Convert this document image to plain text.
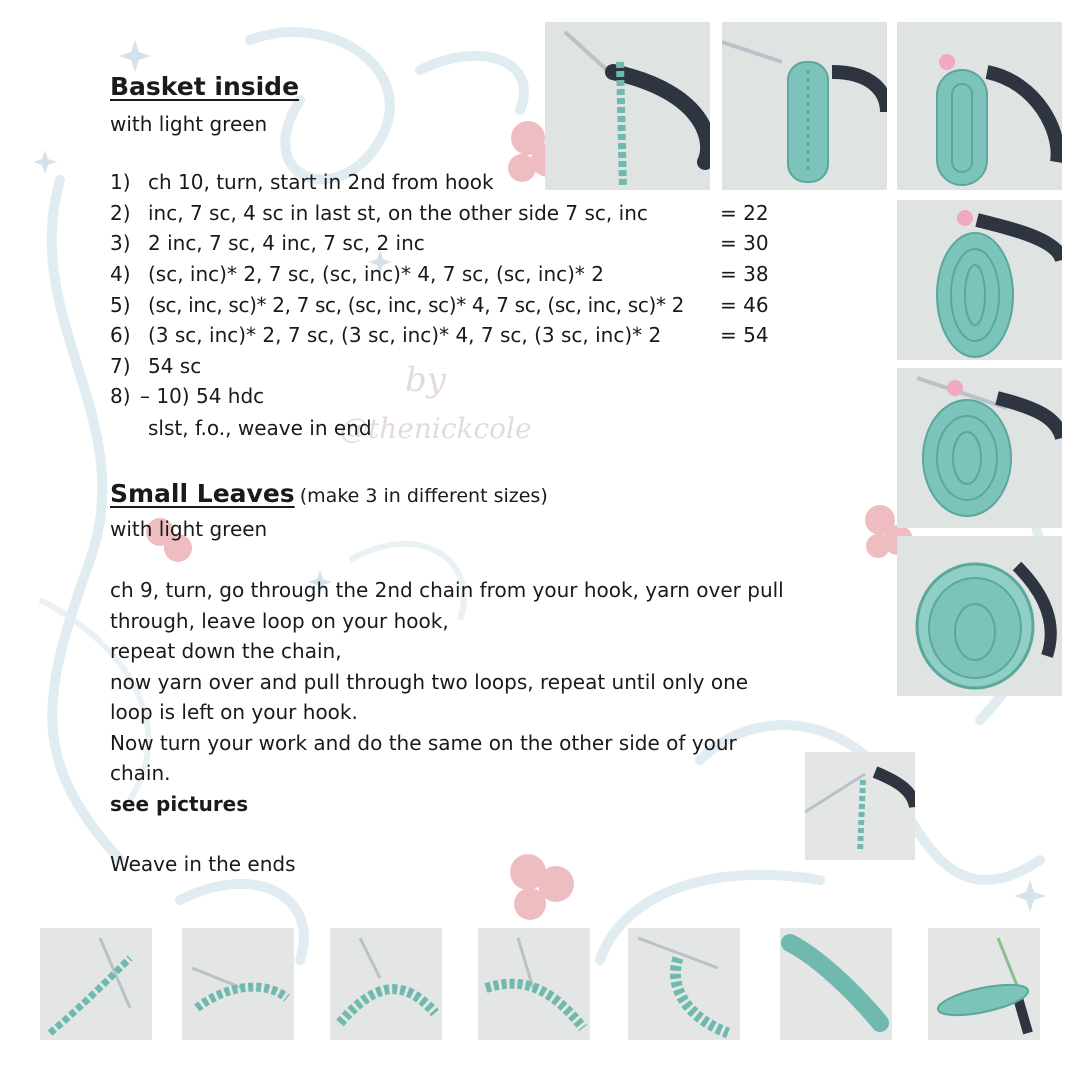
by
@thenickcole
Basket inside
with light green
1) ch 10, turn, start in 2nd from hook
2) inc, 7 sc, 4 sc in last st, on the other side 7 sc, inc	= 22
3) 2 inc, 7 sc, 4 inc, 7 sc, 2 inc	= 30
4) (sc, inc)* 2, 7 sc, (sc, inc)* 4, 7 sc, (sc, inc)* 2	= 38
5) (sc, inc, sc)* 2, 7 sc, (sc, inc, sc)* 4, 7 sc, (sc, inc, sc)* 2 = 46
6) (3 sc, inc)* 2, 7 sc, (3 sc, inc)* 4, 7 sc, (3 sc, inc)* 2	= 54
7) 54 sc
8) – 10) 54 hdc
slst, f.o., weave in end
Small Leaves (make 3 in different sizes)
with light green
ch 9, turn, go through the 2nd chain from your hook, yarn over pull
through, leave loop on your hook,
repeat down the chain,
now yarn over and pull through two loops, repeat until only one
loop is left on your hook.
Now turn your work and do the same on the other side of your
chain.
see pictures
Weave in the ends
